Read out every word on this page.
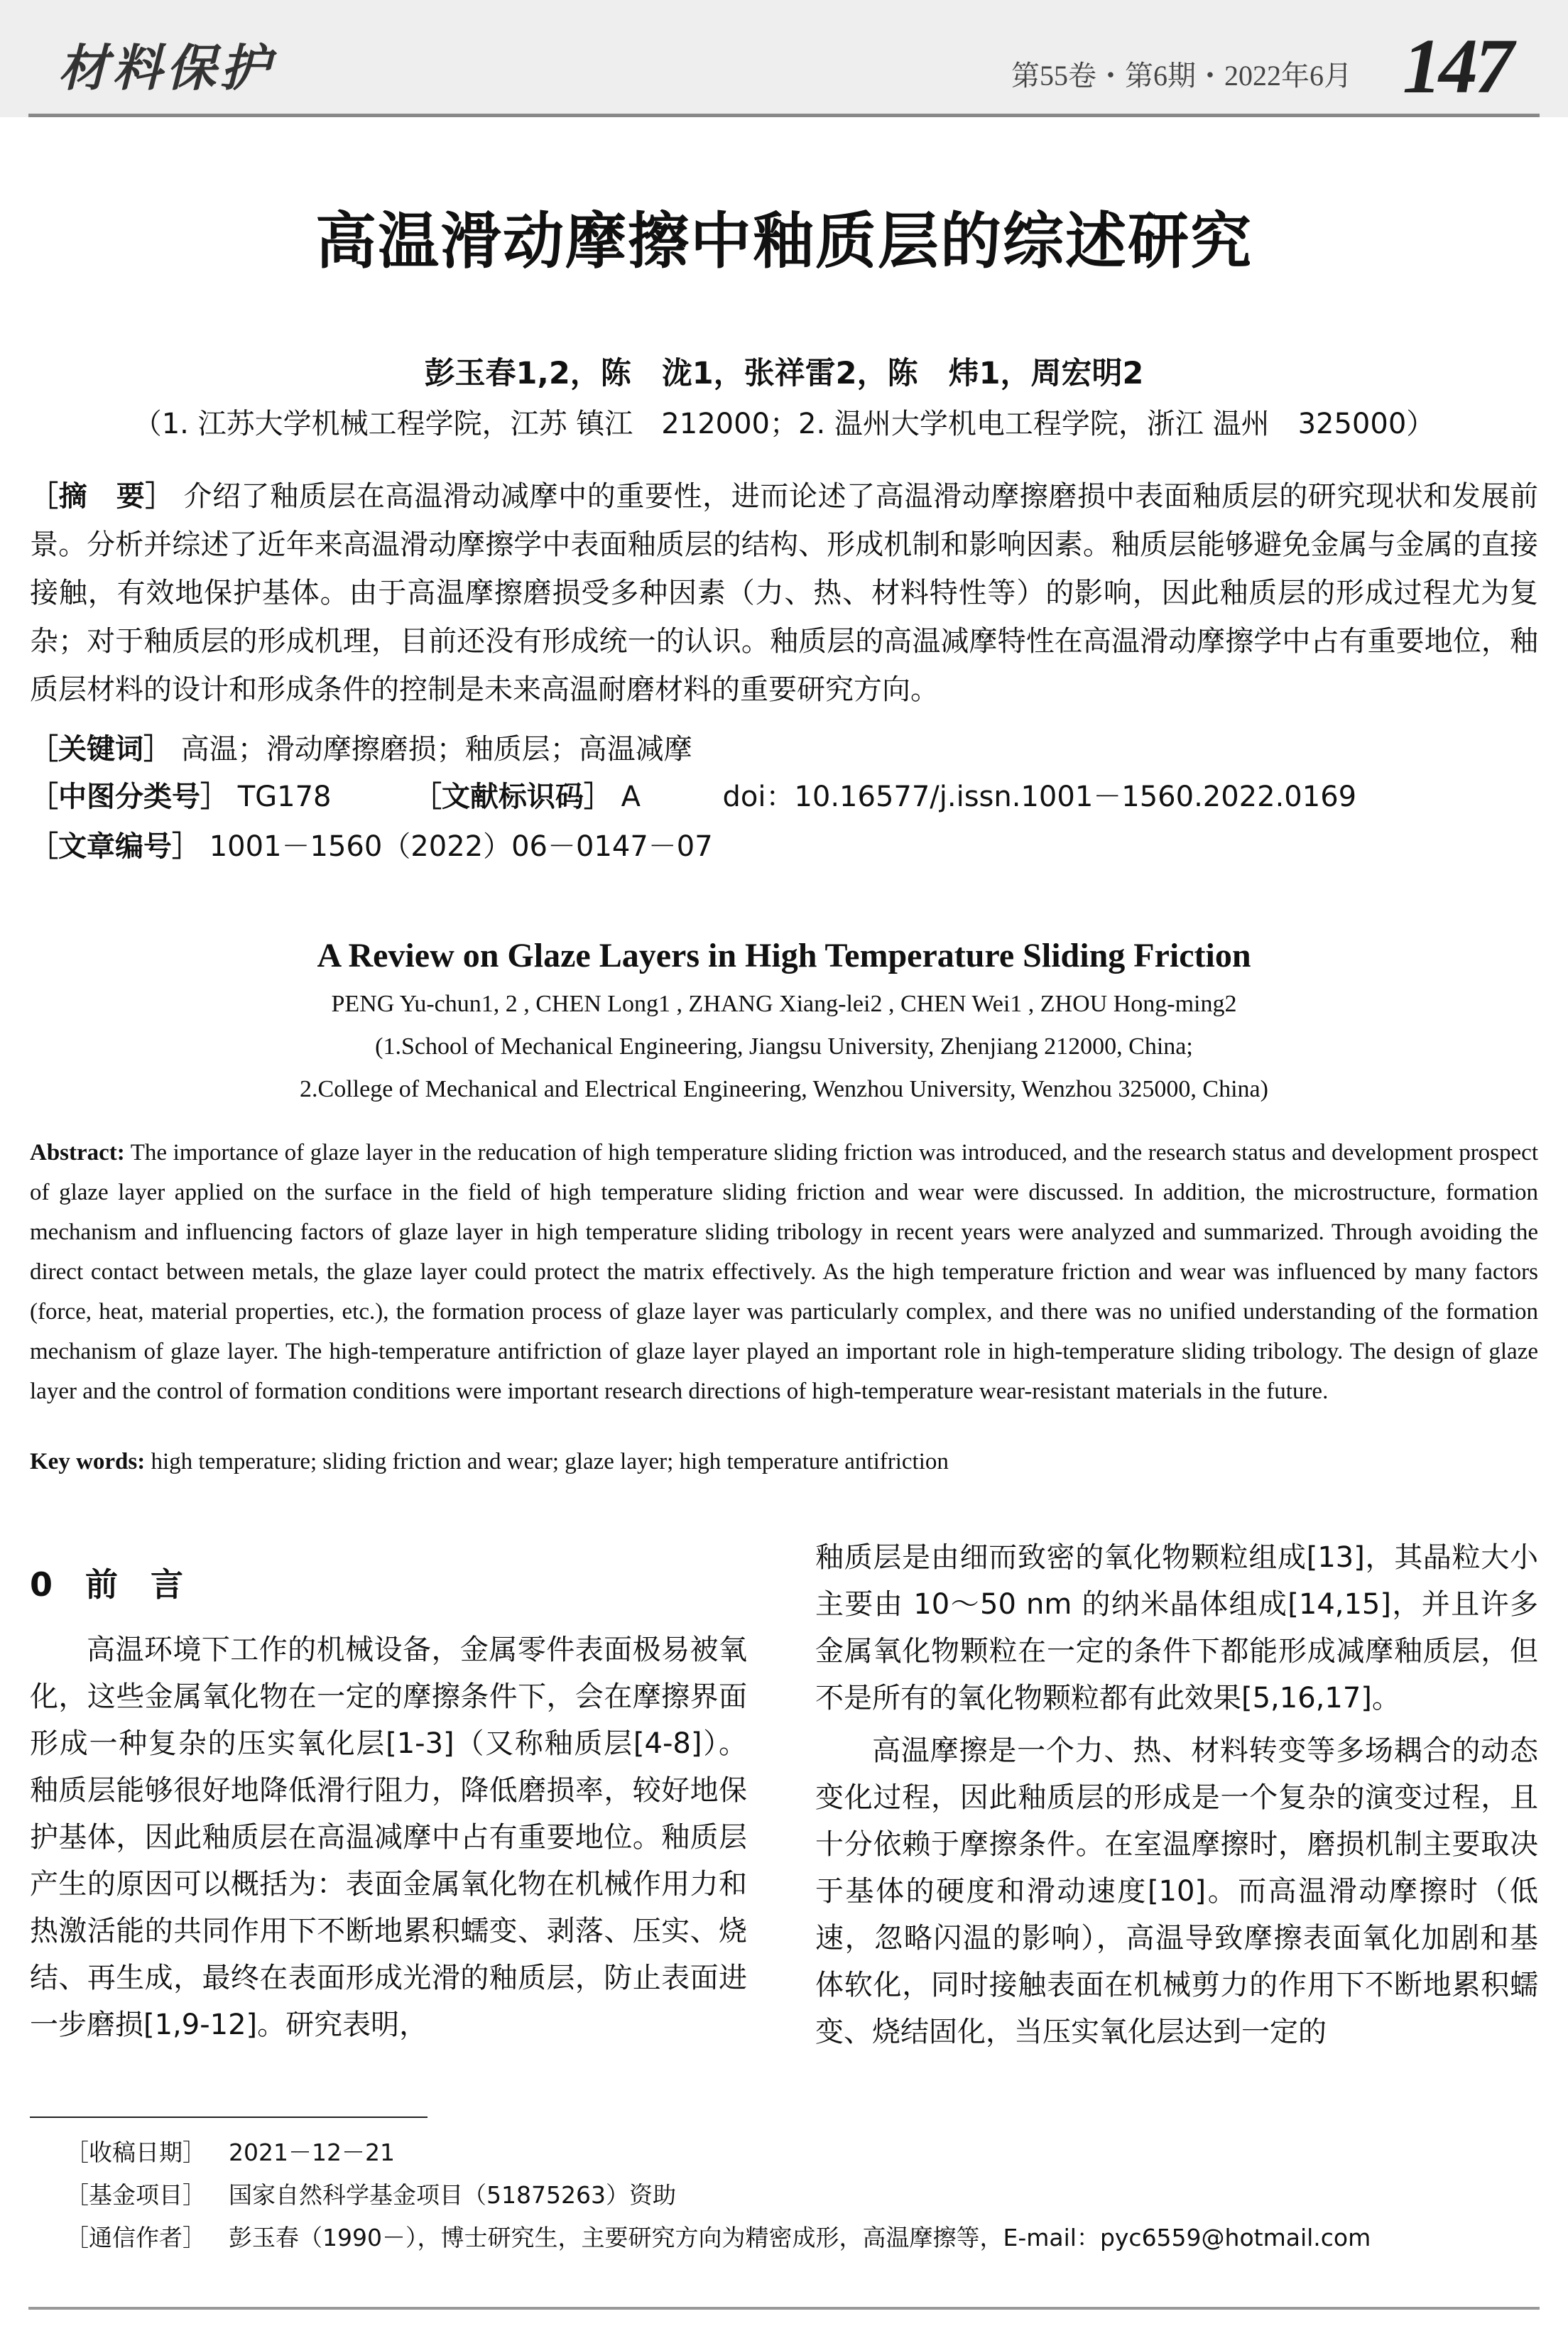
材料保护	第55卷・第6期・2022年6月 147
高温滑动摩擦中釉质层的综述研究
彭玉春1,2，陈　泷1，张祥雷2，陈　炜1，周宏明2
（1. 江苏大学机械工程学院，江苏 镇江　212000；2. 温州大学机电工程学院，浙江 温州　325000）
［摘　要］ 介绍了釉质层在高温滑动减摩中的重要性，进而论述了高温滑动摩擦磨损中表面釉质层的研究现状和发展前景。分析并综述了近年来高温滑动摩擦学中表面釉质层的结构、形成机制和影响因素。釉质层能够避免金属与金属的直接接触，有效地保护基体。由于高温摩擦磨损受多种因素（力、热、材料特性等）的影响，因此釉质层的形成过程尤为复杂；对于釉质层的形成机理，目前还没有形成统一的认识。釉质层的高温减摩特性在高温滑动摩擦学中占有重要地位，釉质层材料的设计和形成条件的控制是未来高温耐磨材料的重要研究方向。
［关键词］ 高温；滑动摩擦磨损；釉质层；高温减摩
［中图分类号］ TG178	［文献标识码］ A	doi：10.16577/j.issn.1001－1560.2022.0169
［文章编号］ 1001－1560（2022）06－0147－07
A Review on Glaze Layers in High Temperature Sliding Friction
PENG Yu-chun1, 2 , CHEN Long1 , ZHANG Xiang-lei2 , CHEN Wei1 , ZHOU Hong-ming2
(1.School of Mechanical Engineering, Jiangsu University, Zhenjiang 212000, China;
2.College of Mechanical and Electrical Engineering, Wenzhou University, Wenzhou 325000, China)
Abstract: The importance of glaze layer in the reducation of high temperature sliding friction was introduced, and the research status and development prospect of glaze layer applied on the surface in the field of high temperature sliding friction and wear were discussed. In addition, the microstructure, formation mechanism and influencing factors of glaze layer in high temperature sliding tribology in recent years were analyzed and summarized. Through avoiding the direct contact between metals, the glaze layer could protect the matrix effectively. As the high temperature friction and wear was influenced by many factors (force, heat, material properties, etc.), the formation process of glaze layer was particularly complex, and there was no unified understanding of the formation mechanism of glaze layer. The high-temperature antifriction of glaze layer played an important role in high-temperature sliding tribology. The design of glaze layer and the control of formation conditions were important research directions of high-temperature wear-resistant materials in the future.
Key words: high temperature; sliding friction and wear; glaze layer; high temperature antifriction
0　前　言

高温环境下工作的机械设备，金属零件表面极易被氧化，这些金属氧化物在一定的摩擦条件下，会在摩擦界面形成一种复杂的压实氧化层[1-3]（又称釉质层[4-8]）。釉质层能够很好地降低滑行阻力，降低磨损率，较好地保护基体，因此釉质层在高温减摩中占有重要地位。釉质层产生的原因可以概括为：表面金属氧化物在机械作用力和热激活能的共同作用下不断地累积蠕变、剥落、压实、烧结、再生成，最终在表面形成光滑的釉质层，防止表面进一步磨损[1,9-12]。研究表明，

釉质层是由细而致密的氧化物颗粒组成[13]，其晶粒大小主要由 10～50 nm 的纳米晶体组成[14,15]，并且许多金属氧化物颗粒在一定的条件下都能形成减摩釉质层，但不是所有的氧化物颗粒都有此效果[5,16,17]。

高温摩擦是一个力、热、材料转变等多场耦合的动态变化过程，因此釉质层的形成是一个复杂的演变过程，且十分依赖于摩擦条件。在室温摩擦时，磨损机制主要取决于基体的硬度和滑动速度[10]。而高温滑动摩擦时（低速，忽略闪温的影响），高温导致摩擦表面氧化加剧和基体软化，同时接触表面在机械剪力的作用下不断地累积蠕变、烧结固化，当压实氧化层达到一定的

［收稿日期］ 2021－12－21
［基金项目］ 国家自然科学基金项目（51875263）资助
［通信作者］ 彭玉春（1990－），博士研究生，主要研究方向为精密成形，高温摩擦等，E-mail：pyc6559@hotmail.com
